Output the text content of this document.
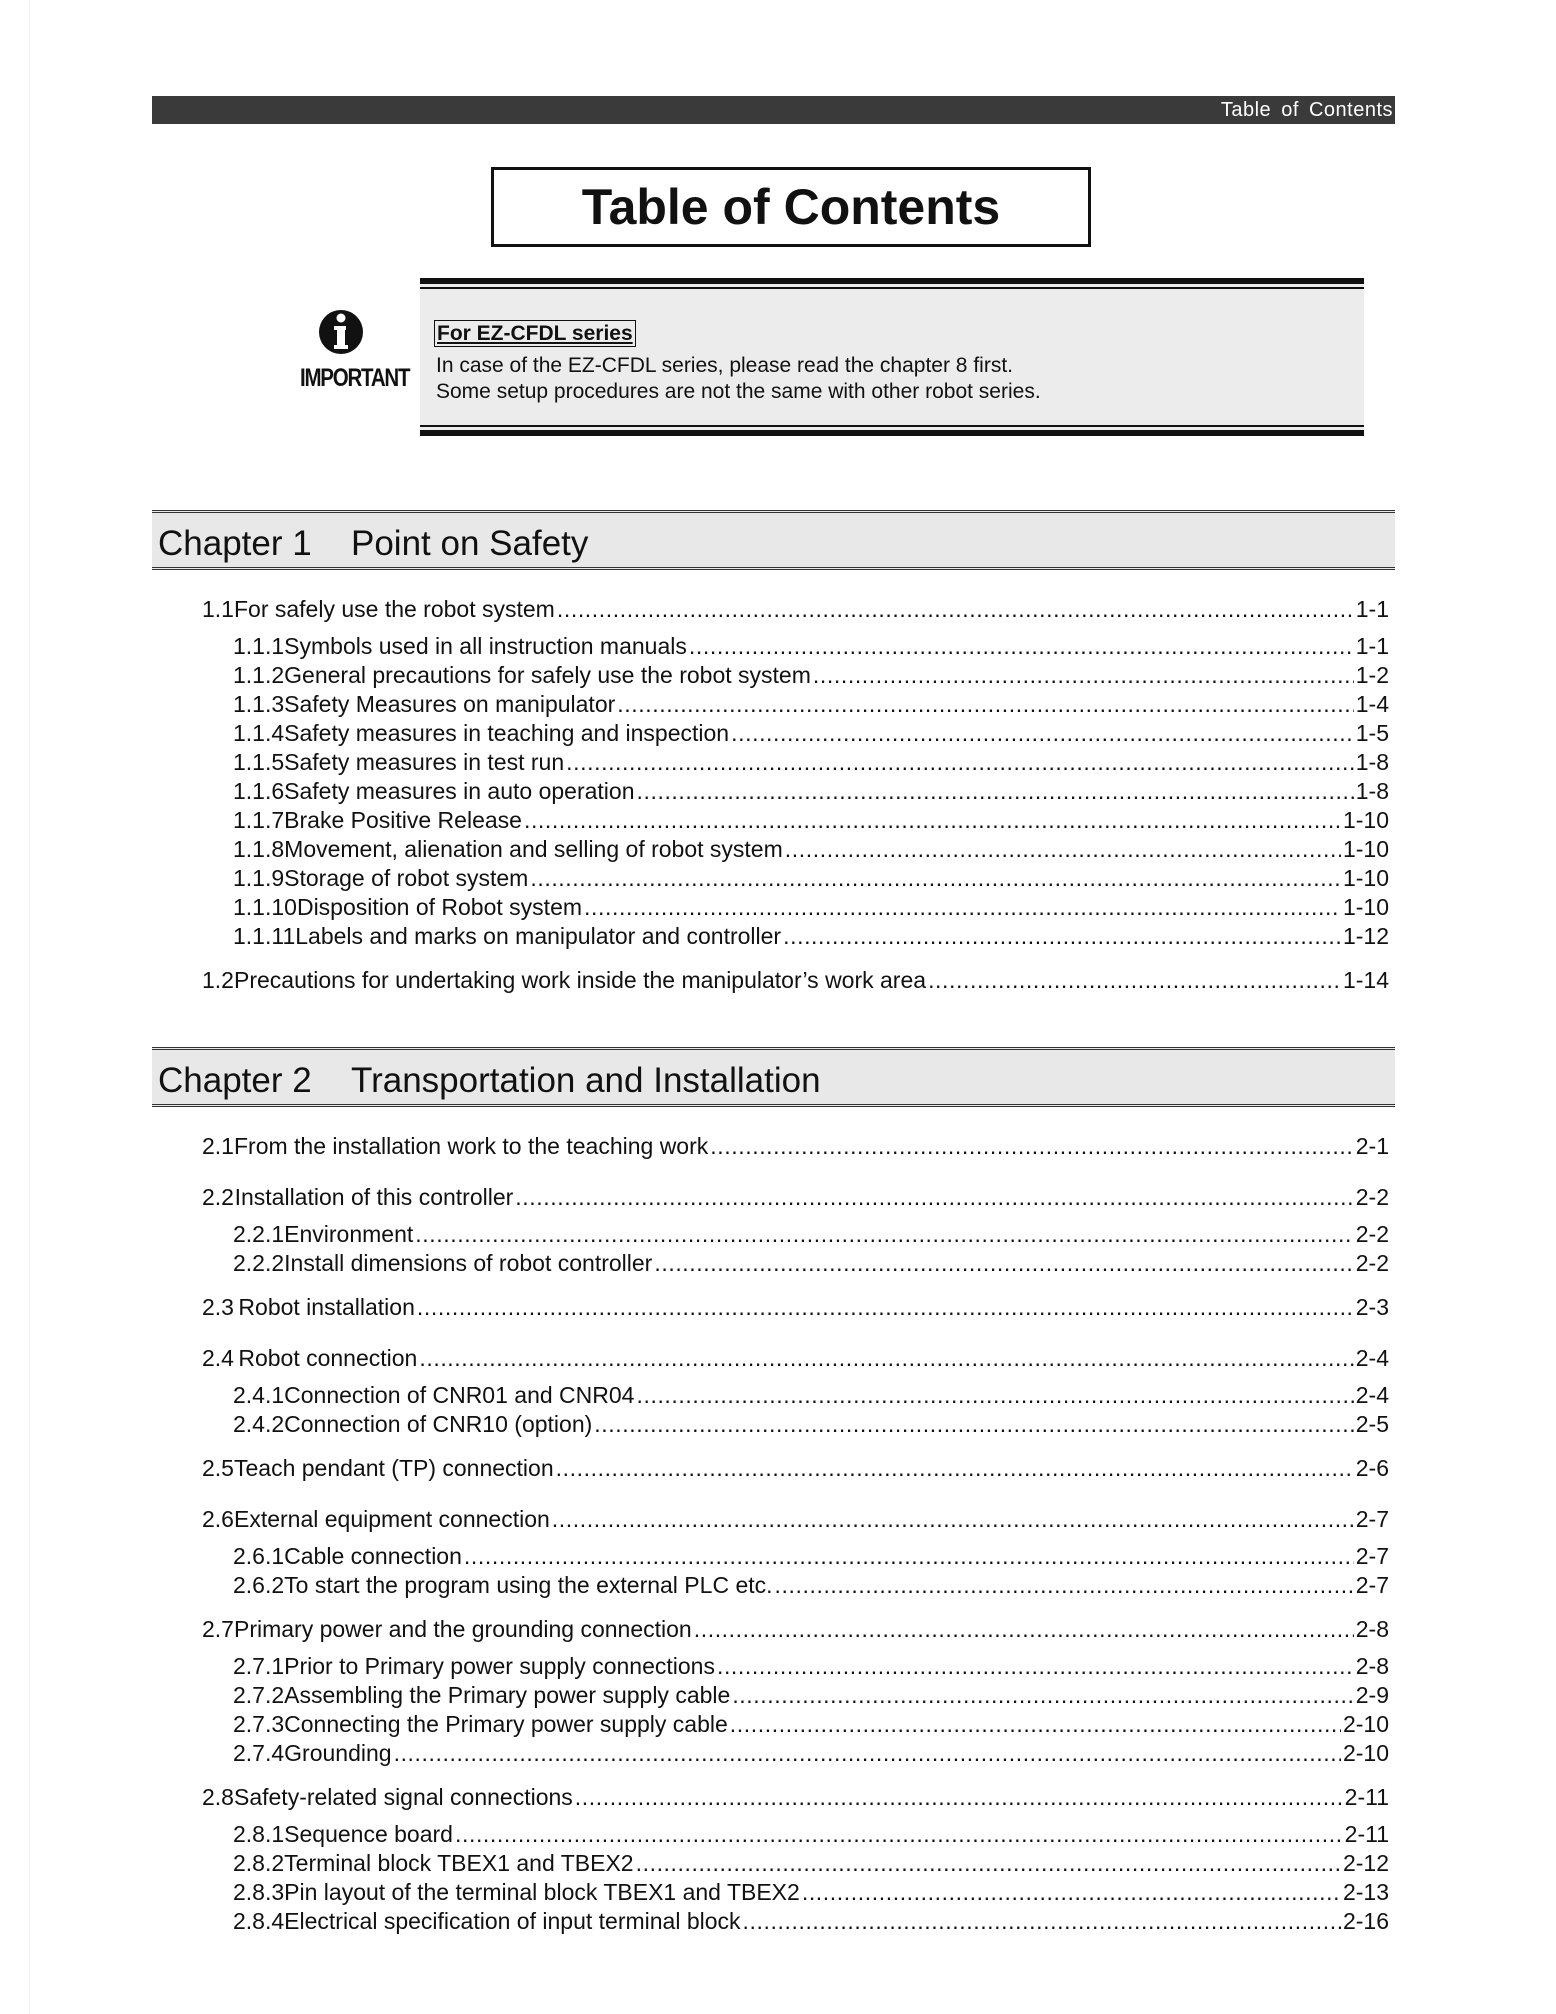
Table of Contents
Table of Contents
IMPORTANT
For EZ-CFDL series
In case of the EZ-CFDL series, please read the chapter 8 first.
Some setup procedures are not the same with other robot series.
Chapter 1 Point on Safety
1.1 For safely use the robot system .....	1-1
1.1.1 Symbols used in all instruction manuals .....	1-1
1.1.2 General precautions for safely use the robot system .....	1-2
1.1.3 Safety Measures on manipulator .....	1-4
1.1.4 Safety measures in teaching and inspection .....	1-5
1.1.5 Safety measures in test run .....	1-8
1.1.6 Safety measures in auto operation .....	1-8
1.1.7 Brake Positive Release .....	1-10
1.1.8 Movement, alienation and selling of robot system .....	1-10
1.1.9 Storage of robot system .....	1-10
1.1.10 Disposition of Robot system .....	1-10
1.1.11 Labels and marks on manipulator and controller .....	1-12
1.2 Precautions for undertaking work inside the manipulator’s work area .....	1-14
Chapter 2 Transportation and Installation
2.1 From the installation work to the teaching work .....	2-1
2.2 Installation of this controller .....	2-2
2.2.1 Environment .....	2-2
2.2.2 Install dimensions of robot controller .....	2-2
2.3 Robot installation .....	2-3
2.4 Robot connection .....	2-4
2.4.1 Connection of CNR01 and CNR04 .....	2-4
2.4.2 Connection of CNR10 (option) .....	2-5
2.5 Teach pendant (TP) connection .....	2-6
2.6 External equipment connection .....	2-7
2.6.1 Cable connection .....	2-7
2.6.2 To start the program using the external PLC etc. .....	2-7
2.7 Primary power and the grounding connection .....	2-8
2.7.1 Prior to Primary power supply connections .....	2-8
2.7.2 Assembling the Primary power supply cable .....	2-9
2.7.3 Connecting the Primary power supply cable .....	2-10
2.7.4 Grounding .....	2-10
2.8 Safety-related signal connections .....	2-11
2.8.1 Sequence board .....	2-11
2.8.2 Terminal block TBEX1 and TBEX2 .....	2-12
2.8.3 Pin layout of the terminal block TBEX1 and TBEX2 .....	2-13
2.8.4 Electrical specification of input terminal block .....	2-16
